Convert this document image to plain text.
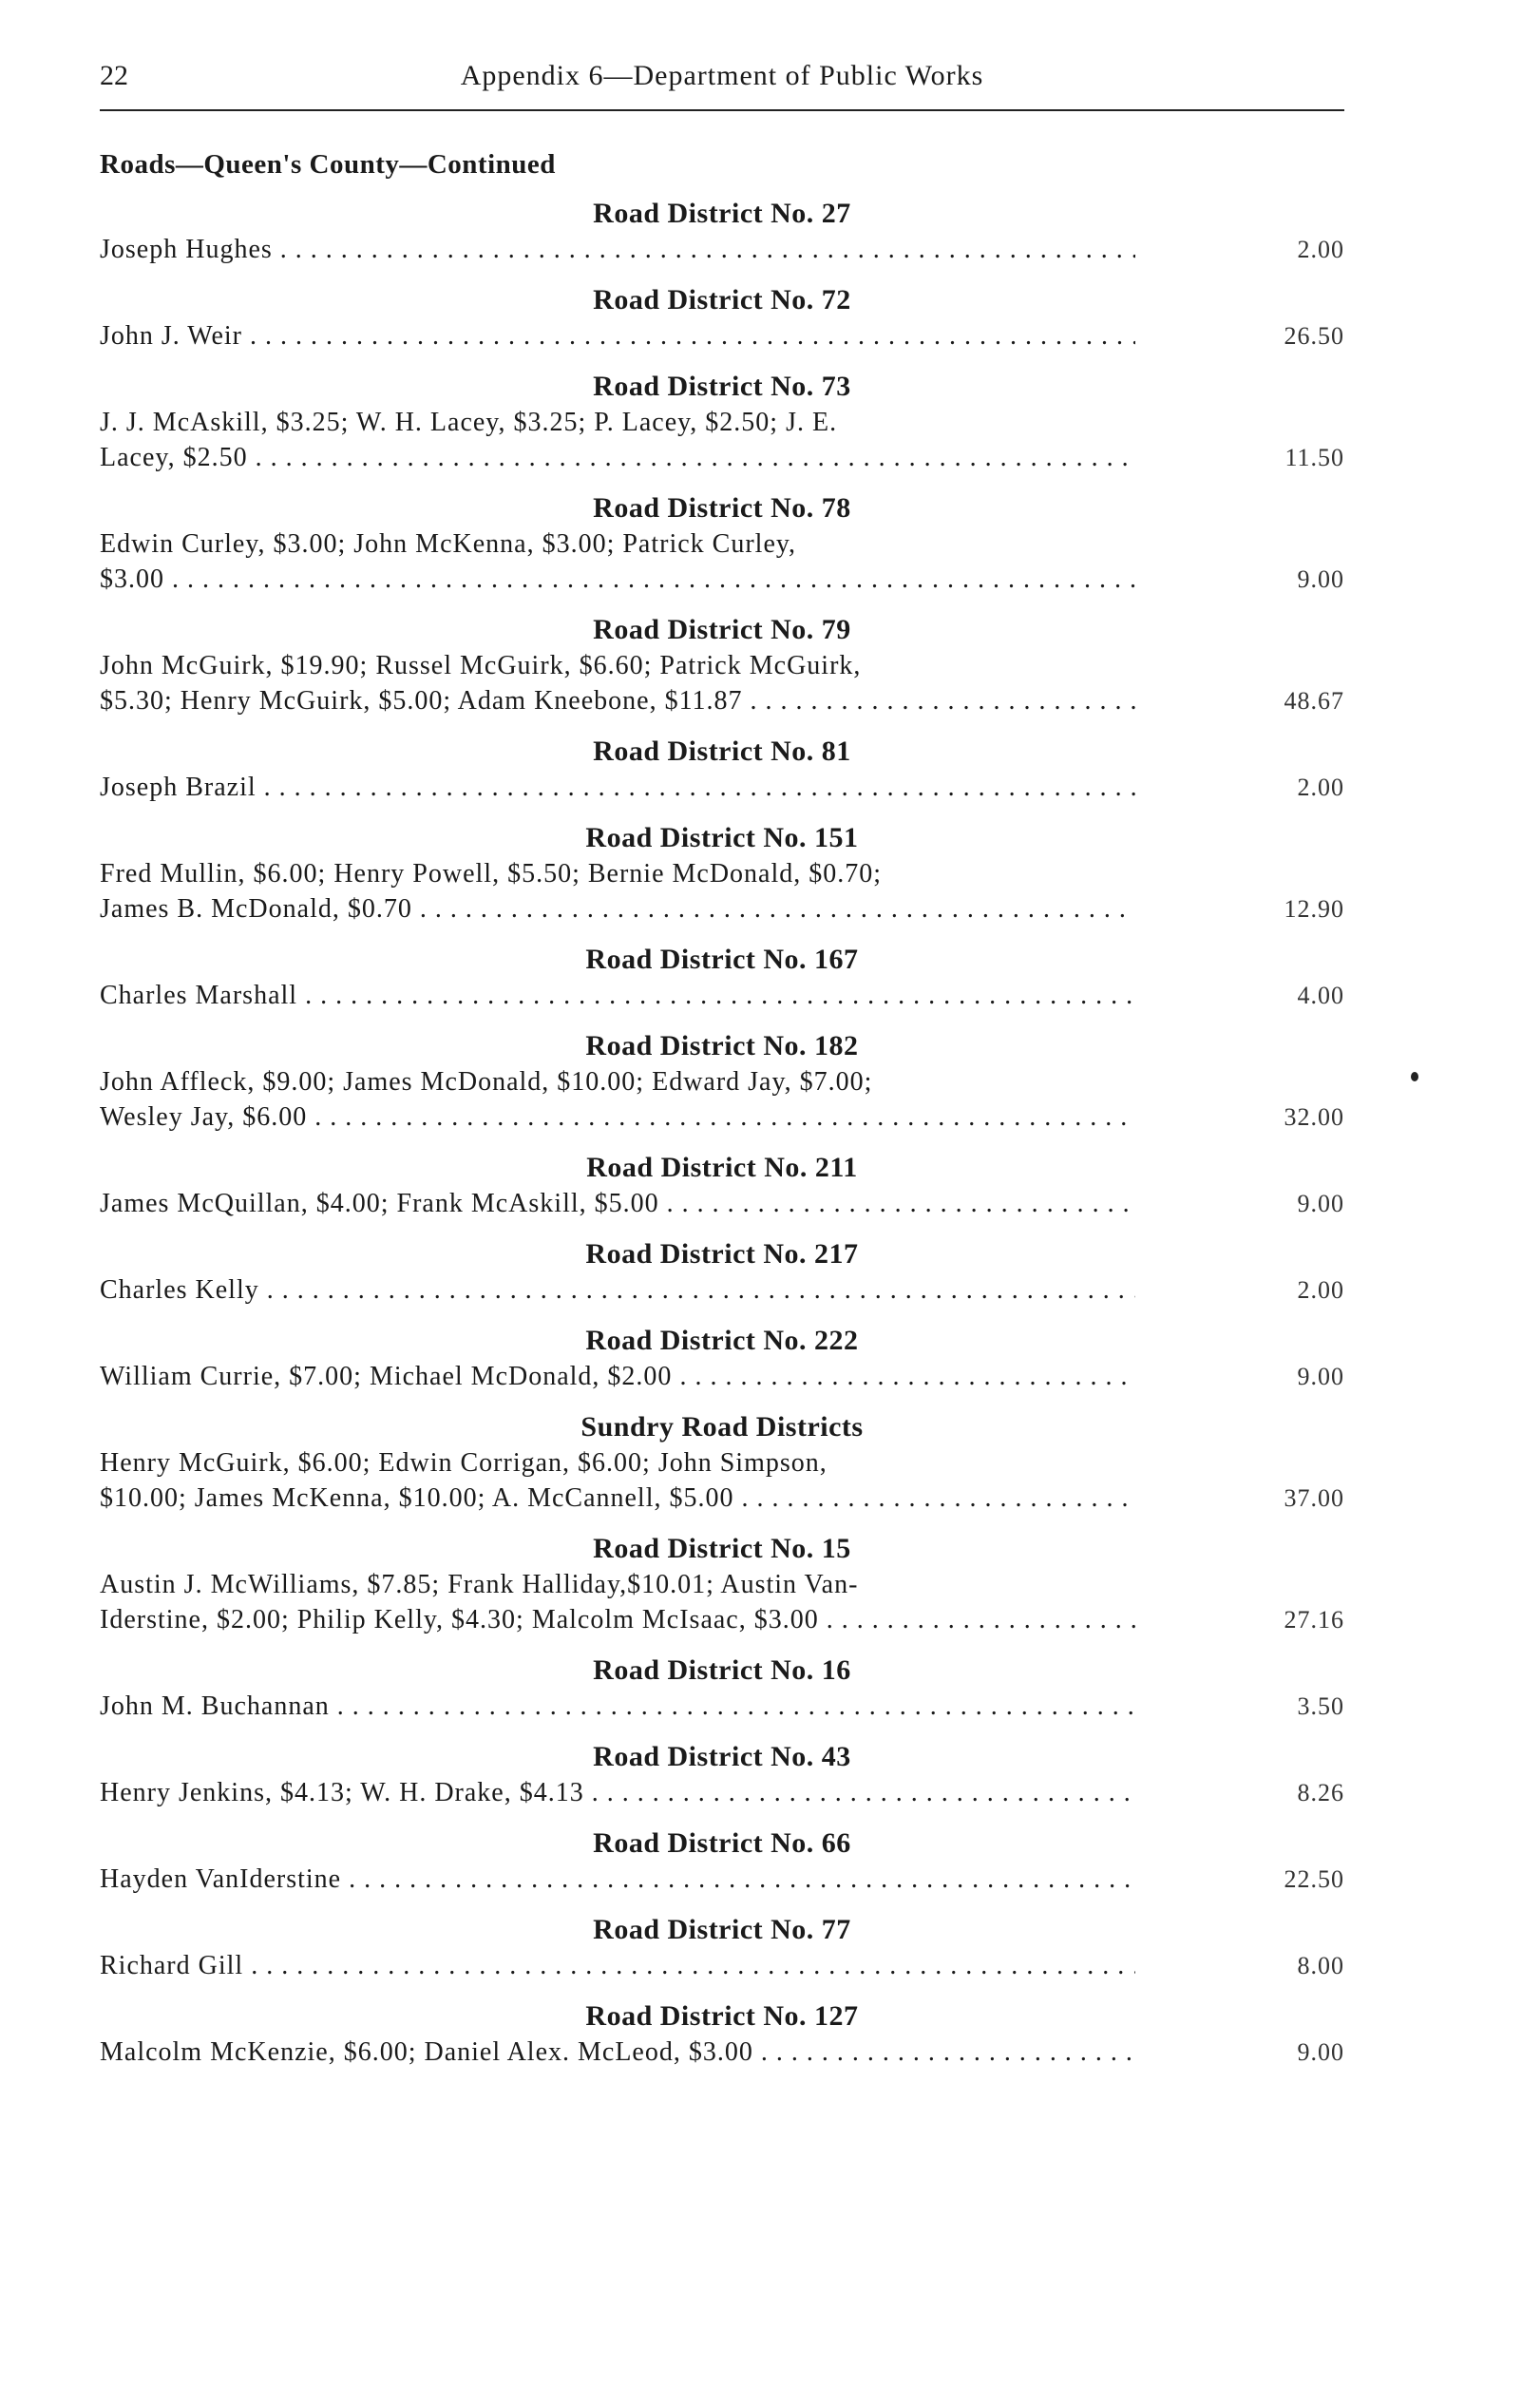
22	Appendix 6—Department of Public Works
Roads—Queen's County—Continued
Road District No. 27
Joseph Hughes . . .	2.00
Road District No. 72
John J. Weir . . .	26.50
Road District No. 73
J. J. McAskill, $3.25; W. H. Lacey, $3.25; P. Lacey, $2.50; J. E.
Lacey, $2.50 . . .	11.50
Road District No. 78
Edwin Curley, $3.00; John McKenna, $3.00; Patrick Curley,
$3.00 . . .	9.00
Road District No. 79
John McGuirk, $19.90; Russel McGuirk, $6.60; Patrick McGuirk,
$5.30; Henry McGuirk, $5.00; Adam Kneebone, $11.87 . . .	48.67
Road District No. 81
Joseph Brazil . . .	2.00
Road District No. 151
Fred Mullin, $6.00; Henry Powell, $5.50; Bernie McDonald, $0.70;
James B. McDonald, $0.70 . . .	12.90
Road District No. 167
Charles Marshall . . .	4.00
Road District No. 182
John Affleck, $9.00; James McDonald, $10.00; Edward Jay, $7.00;
Wesley Jay, $6.00 . . .	32.00
Road District No. 211
James McQuillan, $4.00; Frank McAskill, $5.00 . . .	9.00
Road District No. 217
Charles Kelly . . .	2.00
Road District No. 222
William Currie, $7.00; Michael McDonald, $2.00 . . .	9.00
Sundry Road Districts
Henry McGuirk, $6.00; Edwin Corrigan, $6.00; John Simpson,
$10.00; James McKenna, $10.00; A. McCannell, $5.00 . . .	37.00
Road District No. 15
Austin J. McWilliams, $7.85; Frank Halliday,$10.01; Austin Van-
Iderstine, $2.00; Philip Kelly, $4.30; Malcolm McIsaac, $3.00 . . .	27.16
Road District No. 16
John M. Buchannan . . .	3.50
Road District No. 43
Henry Jenkins, $4.13; W. H. Drake, $4.13 . . .	8.26
Road District No. 66
Hayden VanIderstine . . .	22.50
Road District No. 77
Richard Gill . . .	8.00
Road District No. 127
Malcolm McKenzie, $6.00; Daniel Alex. McLeod, $3.00 . . .	9.00
